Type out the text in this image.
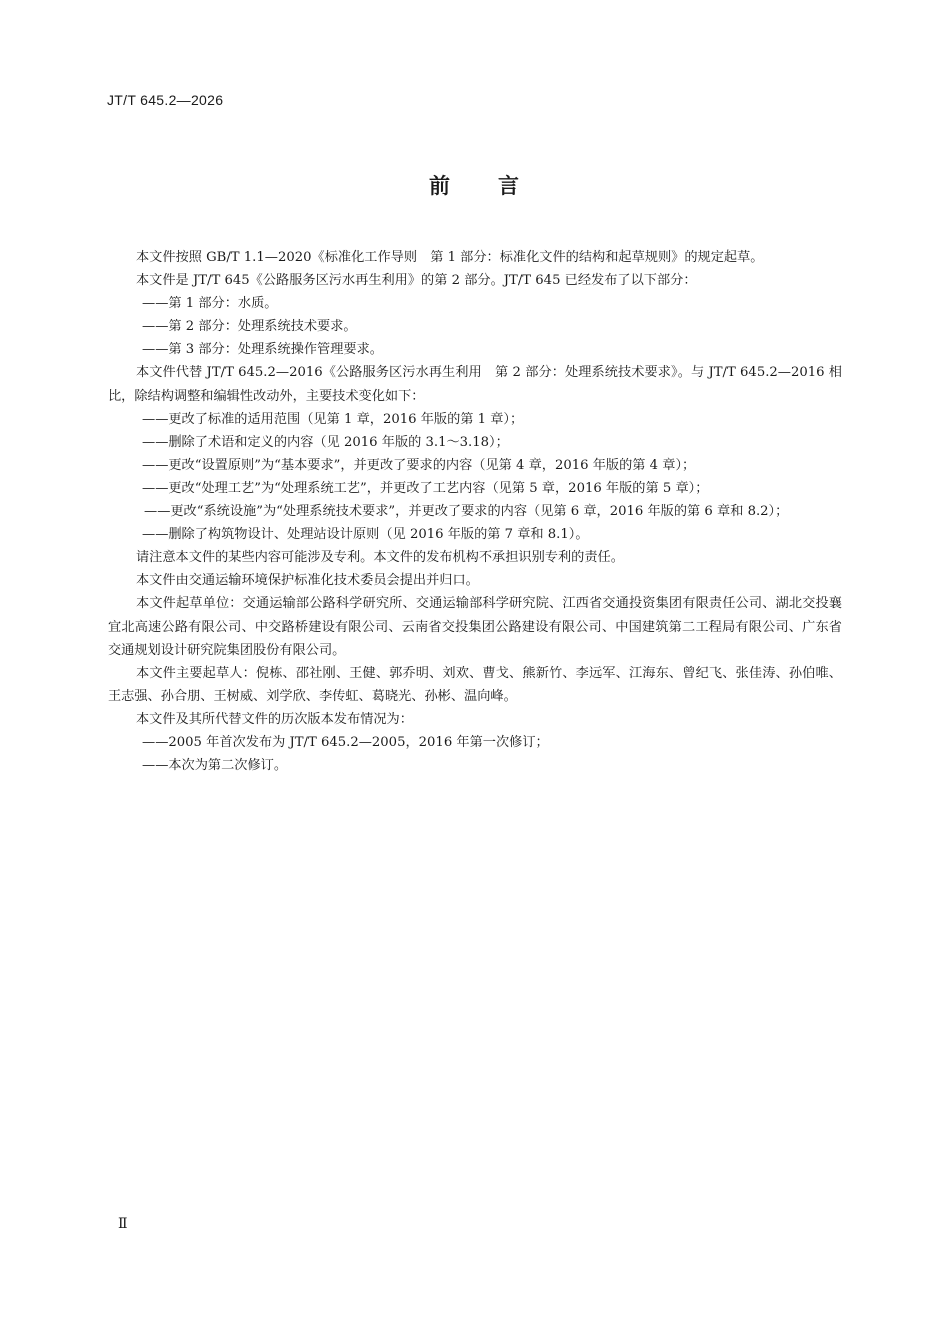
JT/T 645.2—2026
前 言

本文件按照 GB/T 1.1—2020《标准化工作导则　第 1 部分：标准化文件的结构和起草规则》的规定起草。

本文件是 JT/T 645《公路服务区污水再生利用》的第 2 部分。JT/T 645 已经发布了以下部分：

——第 1 部分：水质。

——第 2 部分：处理系统技术要求。

——第 3 部分：处理系统操作管理要求。

本文件代替 JT/T 645.2—2016《公路服务区污水再生利用　第 2 部分：处理系统技术要求》。与 JT/T 645.2—2016 相比，除结构调整和编辑性改动外，主要技术变化如下：

——更改了标准的适用范围（见第 1 章，2016 年版的第 1 章）；

——删除了术语和定义的内容（见 2016 年版的 3.1～3.18）；

——更改“设置原则”为“基本要求”，并更改了要求的内容（见第 4 章，2016 年版的第 4 章）；

——更改“处理工艺”为“处理系统工艺”，并更改了工艺内容（见第 5 章，2016 年版的第 5 章）；

——更改“系统设施”为“处理系统技术要求”，并更改了要求的内容（见第 6 章，2016 年版的第 6 章和 8.2）；

——删除了构筑物设计、处理站设计原则（见 2016 年版的第 7 章和 8.1）。

请注意本文件的某些内容可能涉及专利。本文件的发布机构不承担识别专利的责任。

本文件由交通运输环境保护标准化技术委员会提出并归口。

本文件起草单位：交通运输部公路科学研究所、交通运输部科学研究院、江西省交通投资集团有限责任公司、湖北交投襄宜北高速公路有限公司、中交路桥建设有限公司、云南省交投集团公路建设有限公司、中国建筑第二工程局有限公司、广东省交通规划设计研究院集团股份有限公司。

本文件主要起草人：倪栋、邵社刚、王健、郭乔明、刘欢、曹戈、熊新竹、李远军、江海东、曾纪飞、张佳涛、孙伯唯、王志强、孙合朋、王树威、刘学欣、李传虹、葛晓光、孙彬、温向峰。

本文件及其所代替文件的历次版本发布情况为：

——2005 年首次发布为 JT/T 645.2—2005，2016 年第一次修订；

——本次为第二次修订。

Ⅱ
